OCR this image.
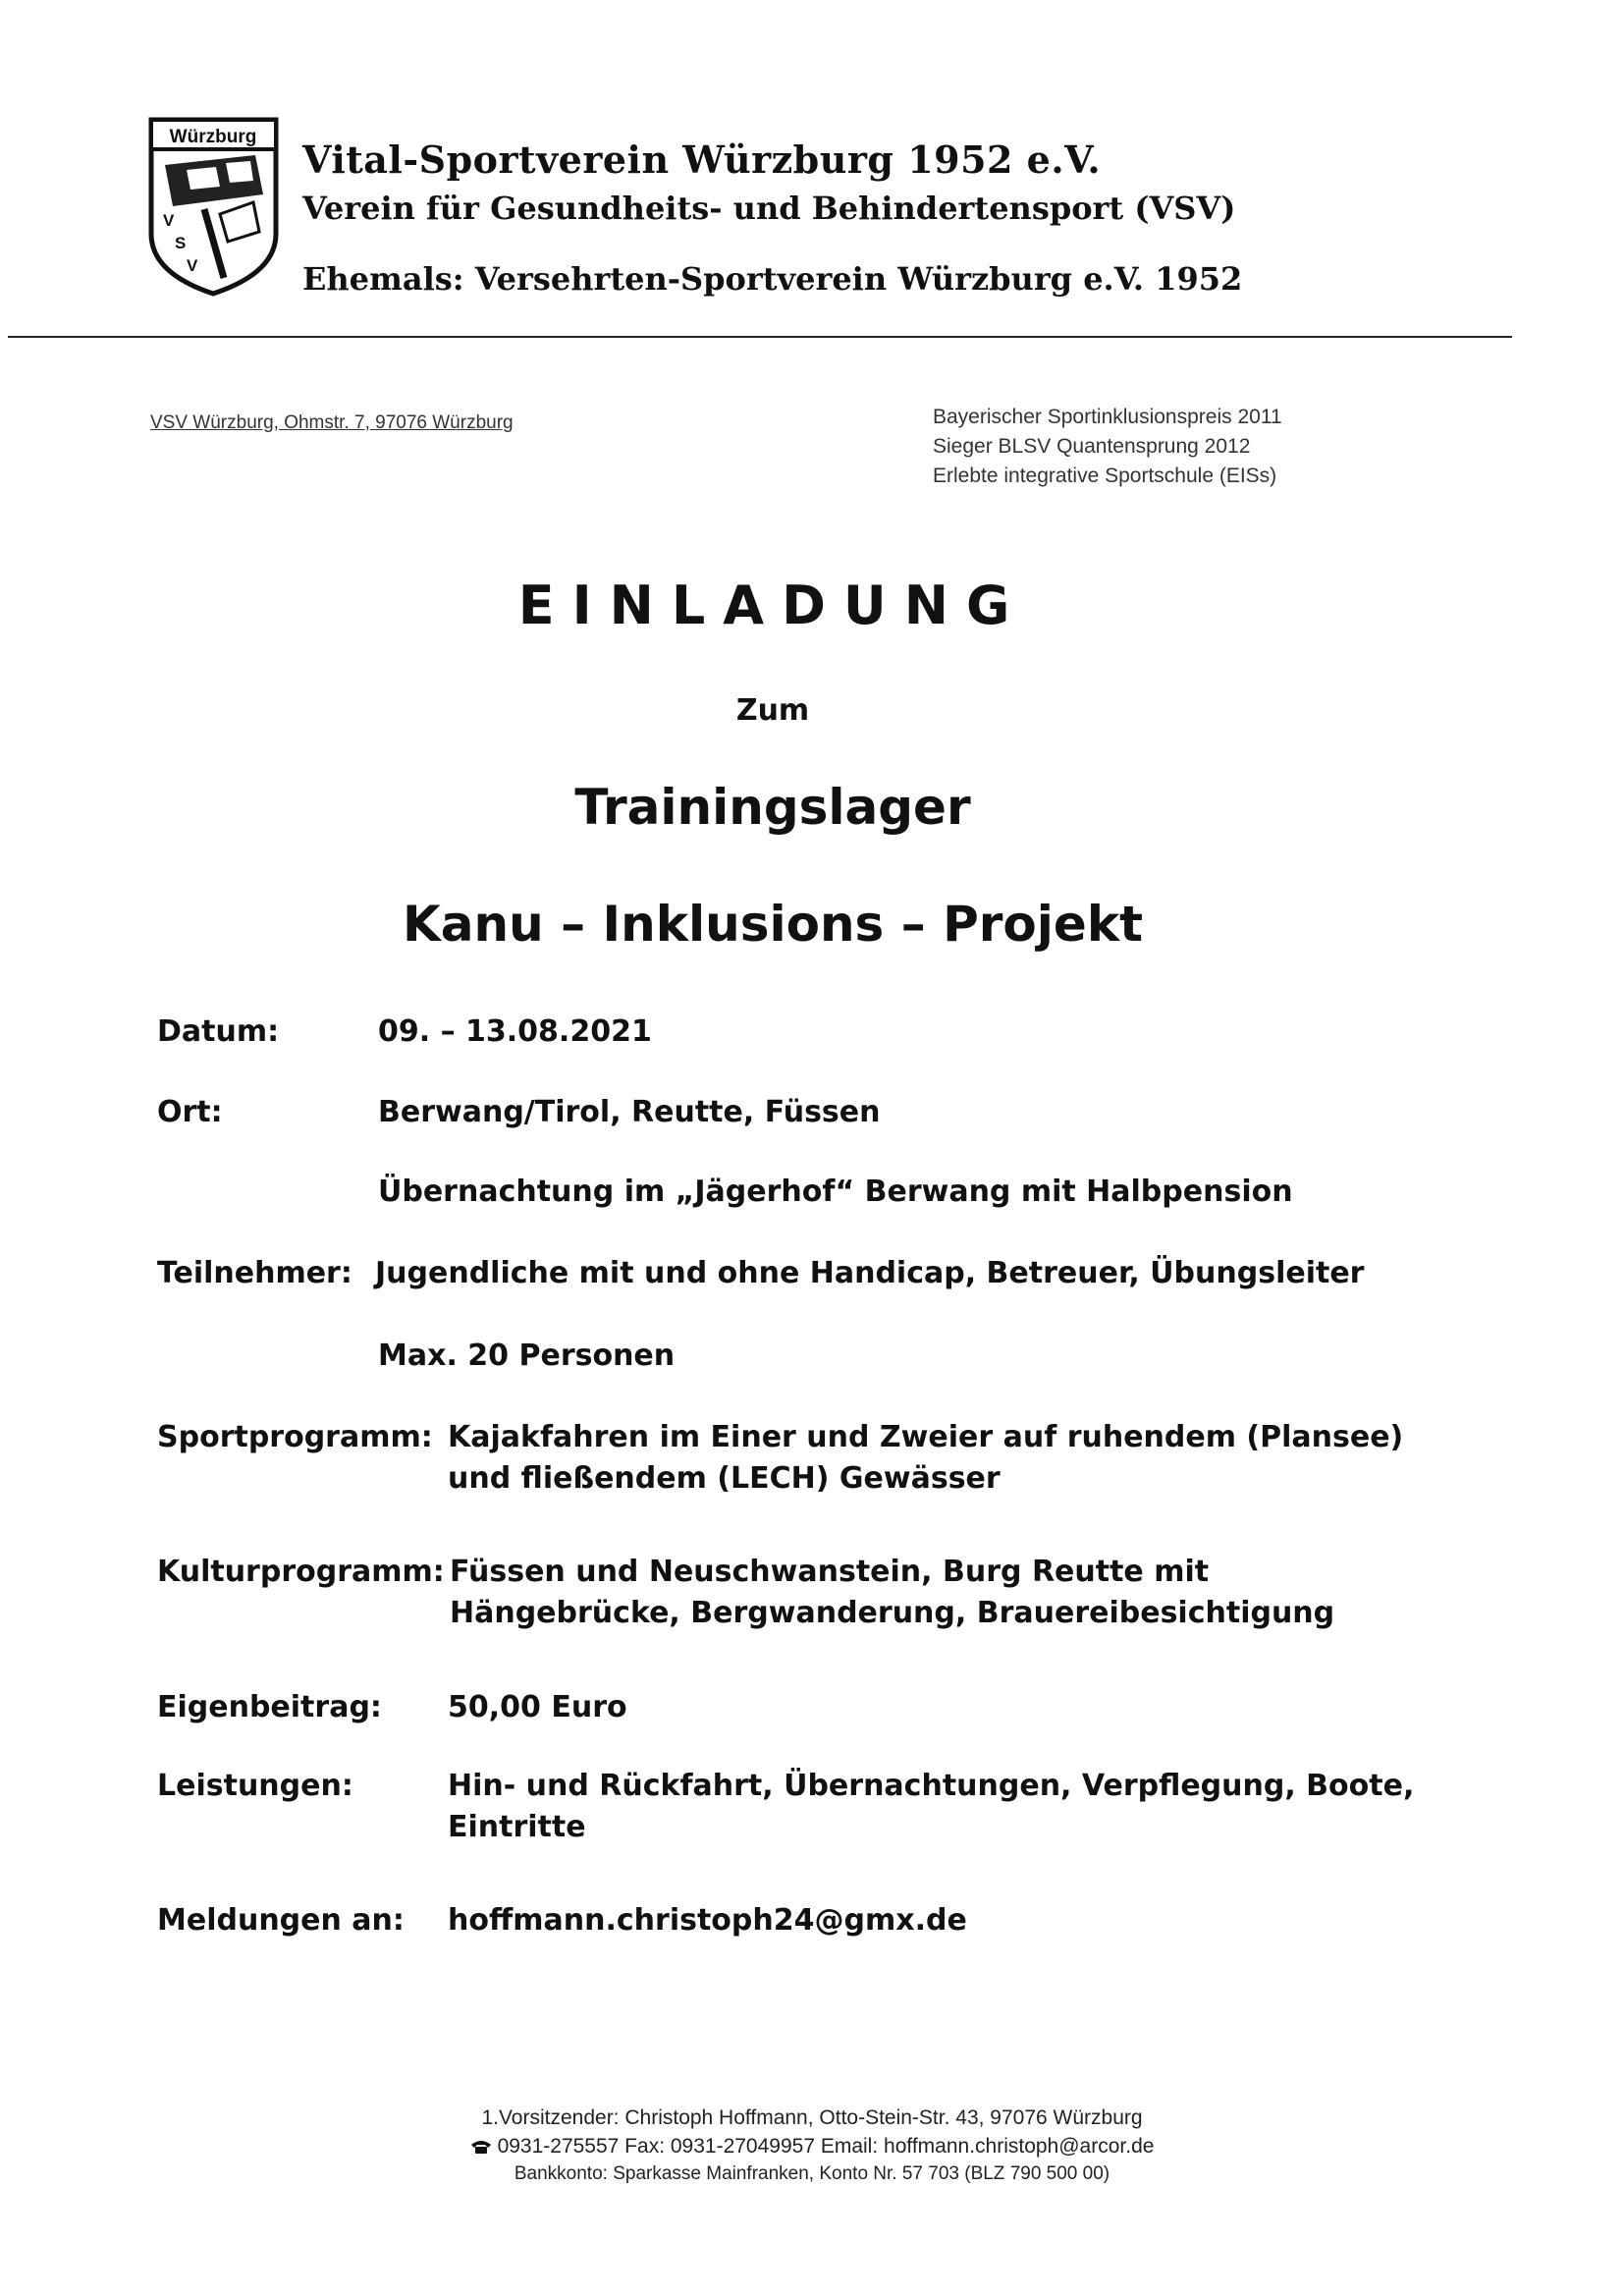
Würzburg
V
S
V
Vital-Sportverein Würzburg 1952 e.V.
Verein für Gesundheits- und Behindertensport (VSV)
Ehemals: Versehrten-Sportverein Würzburg e.V. 1952
VSV Würzburg, Ohmstr. 7, 97076 Würzburg	Bayerischer Sportinklusionspreis 2011
Sieger BLSV Quantensprung 2012
Erlebte integrative Sportschule (EISs)
EINLADUNG
Zum
Trainingslager
Kanu – Inklusions – Projekt
Datum:	09. – 13.08.2021
Ort:	Berwang/Tirol, Reutte, Füssen
Übernachtung im „Jägerhof“ Berwang mit Halbpension
Teilnehmer: Jugendliche mit und ohne Handicap, Betreuer, Übungsleiter
Max. 20 Personen
Sportprogramm: Kajakfahren im Einer und Zweier auf ruhendem (Plansee)
und fließendem (LECH) Gewässer
Kulturprogramm: Füssen und Neuschwanstein, Burg Reutte mit
Hängebrücke, Bergwanderung, Brauereibesichtigung
Eigenbeitrag: 50,00 Euro
Leistungen:	Hin- und Rückfahrt, Übernachtungen, Verpflegung, Boote,
Eintritte
Meldungen an: hoffmann.christoph24@gmx.de
1.Vorsitzender: Christoph Hoffmann, Otto-Stein-Str. 43, 97076 Würzburg
0931-275557 Fax: 0931-27049957 Email: hoffmann.christoph@arcor.de
Bankkonto: Sparkasse Mainfranken, Konto Nr. 57 703 (BLZ 790 500 00)
